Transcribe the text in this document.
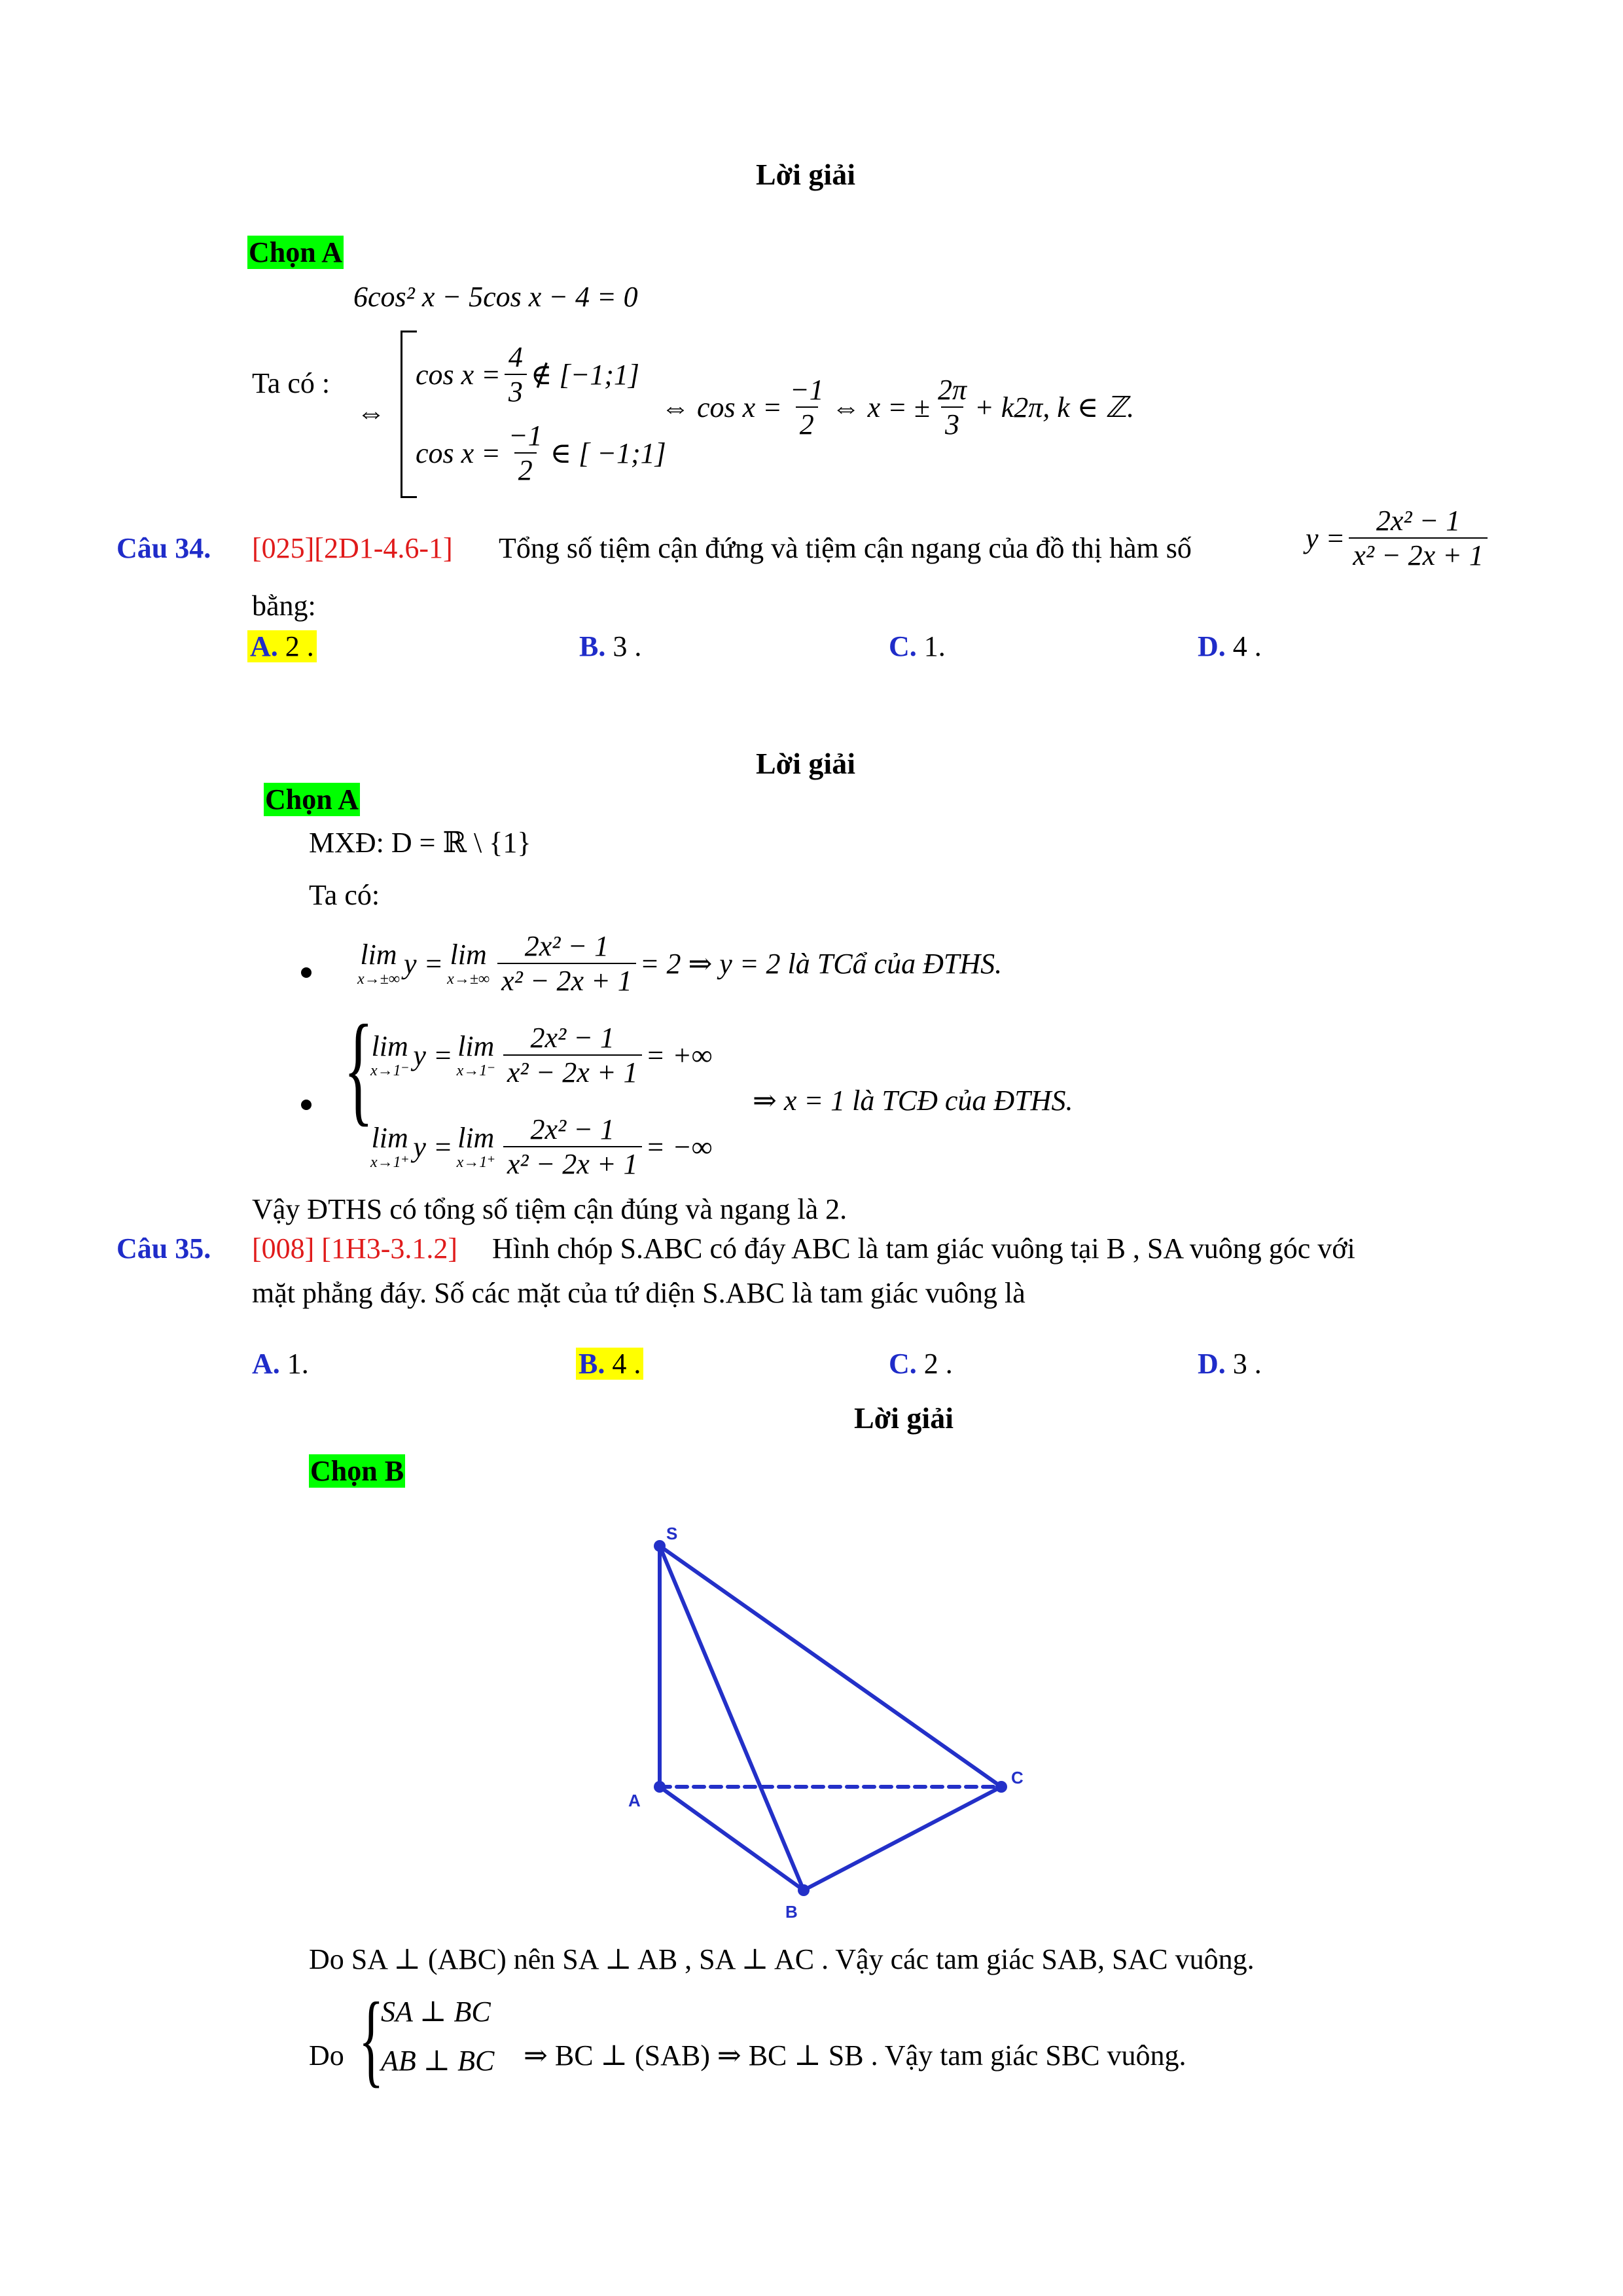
Lời giải
Chọn A
6cos² x − 5cos x − 4 = 0
Ta có :
⇔
$\cos x = \frac{4}{3}$ ∉ [−1;1]
$\cos x = \frac{-1}{2}$ ∈ [ −1;1]
⇔ $\cos x = \frac{-1}{2}$ ⇔ x = ± $\frac{2\pi}{3} + k2\pi$, k ∈ ℤ.
Câu 34. [025][2D1-4.6-1] Tổng số tiệm cận đứng và tiệm cận ngang của đồ thị hàm số	$y = \frac{\text{2x² − 1}}{\text{x² − 2x + 1}}$
bằng:
A. 2 .	B. 3 .	C. 1.	D. 4 .
Lời giải
Chọn A
MXĐ: D = ℝ \ {1}
Ta có:
lim
x→±∞ y = lim
$x\to\pm\infty \frac{\text{2x² − 1}}{\text{x² − 2x + 1}} = 2$ ⇒ y = 2 là TCẩ của ĐTHS.
{
lim
x→1⁻ y = lim
$x\to 1^- \frac{\text{2x² − 1}}{\text{x² − 2x + 1}}$ = +∞
lim
x→1⁺ y = lim
$x\to 1^+ \frac{\text{2x² − 1}}{\text{x² − 2x + 1}}$ = −∞
⇒ x = 1 là TCĐ của ĐTHS.
Vậy ĐTHS có tổng số tiệm cận đúng và ngang là 2.
Câu 35. [008] [1H3-3.1.2] Hình chóp S.ABC có đáy ABC là tam giác vuông tại B , SA vuông góc với
mặt phẳng đáy. Số các mặt của tứ diện S.ABC là tam giác vuông là
A. 1.	B. 4 .	C. 2 .	D. 3 .
Lời giải
Chọn B
S
A
B
C
Do SA ⊥ (ABC) nên SA ⊥ AB , SA ⊥ AC . Vậy các tam giác SAB, SAC vuông.
Do {
SA ⊥ BC
AB ⊥ BC ⇒ BC ⊥ (SAB) ⇒ BC ⊥ SB . Vậy tam giác SBC vuông.
